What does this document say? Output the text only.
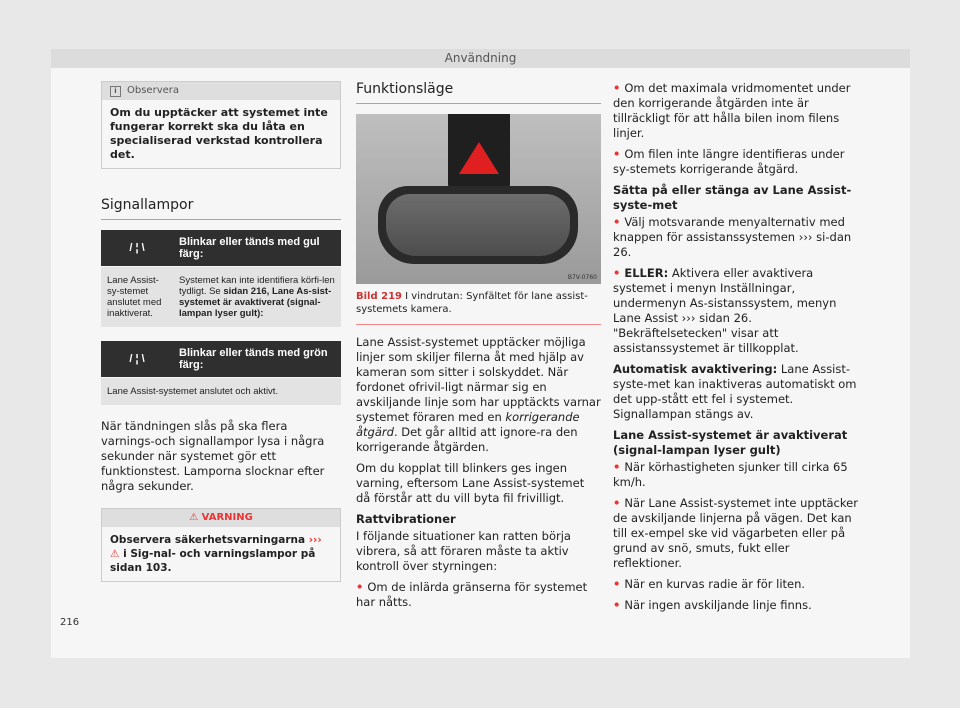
Användning
i Observera
Om du upptäcker att systemet inte fungerar korrekt ska du låta en specialiserad verkstad kontrollera det.
Signallampor
/ ¦ \	Blinkar eller tänds med gul färg:
Lane Assist-sy-stemet anslutet med inaktiverat.	Systemet kan inte identifiera körfi-len tydligt. Se sidan 216, Lane As-sist-systemet är avaktiverat (signal-lampan lyser gult):
/ ¦ \	Blinkar eller tänds med grön färg:
Lane Assist-systemet anslutet och aktivt.

När tändningen slås på ska flera varnings-och signallampor lysa i några sekunder när systemet gör ett funktionstest. Lamporna slocknar efter några sekunder.

⚠ VARNING
Observera säkerhetsvarningarna ››› ⚠ i Sig-nal- och varningslampor på sidan 103.
Funktionsläge
B7V-0760
Bild 219 I vindrutan: Synfältet för lane assist-systemets kamera.

Lane Assist-systemet upptäcker möjliga linjer som skiljer filerna åt med hjälp av kameran som sitter i solskyddet. När fordonet ofrivil-ligt närmar sig en avskiljande linje som har upptäckts varnar systemet föraren med en korrigerande åtgärd. Det går alltid att ignore-ra den korrigerande åtgärden.

Om du kopplat till blinkers ges ingen varning, eftersom Lane Assist-systemet då förstår att du vill byta fil frivilligt.

Rattvibrationer

I följande situationer kan ratten börja vibrera, så att föraren måste ta aktiv kontroll över styrningen:

• Om de inlärda gränserna för systemet har nåtts.

• Om det maximala vridmomentet under den korrigerande åtgärden inte är tillräckligt för att hålla bilen inom filens linjer.

• Om filen inte längre identifieras under sy-stemets korrigerande åtgärd.

Sätta på eller stänga av Lane Assist-syste-met

• Välj motsvarande menyalternativ med knappen för assistanssystemen ››› si-dan 26.

• ELLER: Aktivera eller avaktivera systemet i menyn Inställningar, undermenyn As-sistanssystem, menyn Lane Assist ››› sidan 26. "Bekräftelsetecken" visar att assistanssystemet är tillkopplat.

Automatisk avaktivering: Lane Assist-syste-met kan inaktiveras automatiskt om det upp-stått ett fel i systemet. Signallampan stängs av.

Lane Assist-systemet är avaktiverat (signal-lampan lyser gult)

• När körhastigheten sjunker till cirka 65 km/h.

• När Lane Assist-systemet inte upptäcker de avskiljande linjerna på vägen. Det kan till ex-empel ske vid vägarbeten eller på grund av snö, smuts, fukt eller reflektioner.

• När en kurvas radie är för liten.

• När ingen avskiljande linje finns.

216
